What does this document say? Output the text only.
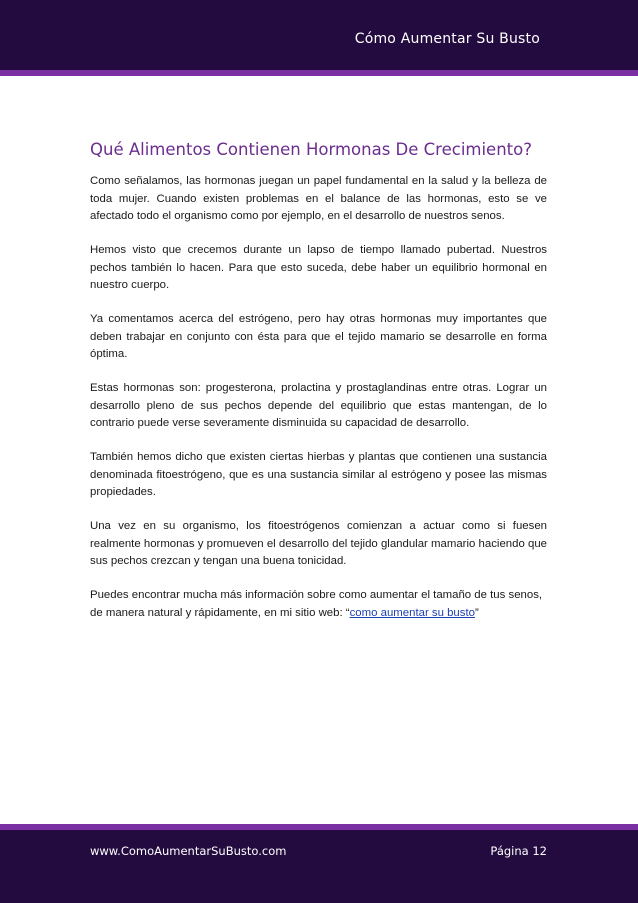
Cómo Aumentar Su Busto
Qué Alimentos Contienen Hormonas De Crecimiento?

Como señalamos, las hormonas juegan un papel fundamental en la salud y la belleza de toda mujer. Cuando existen problemas en el balance de las hormonas, esto se ve afectado todo el organismo como por ejemplo, en el desarrollo de nuestros senos.

Hemos visto que crecemos durante un lapso de tiempo llamado pubertad. Nuestros pechos también lo hacen. Para que esto suceda, debe haber un equilibrio hormonal en nuestro cuerpo.

Ya comentamos acerca del estrógeno, pero hay otras hormonas muy importantes que deben trabajar en conjunto con ésta para que el tejido mamario se desarrolle en forma óptima.

Estas hormonas son: progesterona, prolactina y prostaglandinas entre otras. Lograr un desarrollo pleno de sus pechos depende del equilibrio que estas mantengan, de lo contrario puede verse severamente disminuida su capacidad de desarrollo.

También hemos dicho que existen ciertas hierbas y plantas que contienen una sustancia denominada fitoestrógeno, que es una sustancia similar al estrógeno y posee las mismas propiedades.

Una vez en su organismo, los fitoestrógenos comienzan a actuar como si fuesen realmente hormonas y promueven el desarrollo del tejido glandular mamario haciendo que sus pechos crezcan y tengan una buena tonicidad.

Puedes encontrar mucha más información sobre como aumentar el tamaño de tus senos, de manera natural y rápidamente, en mi sitio web: “como aumentar su busto”

www.ComoAumentarSuBusto.com	Página 12
